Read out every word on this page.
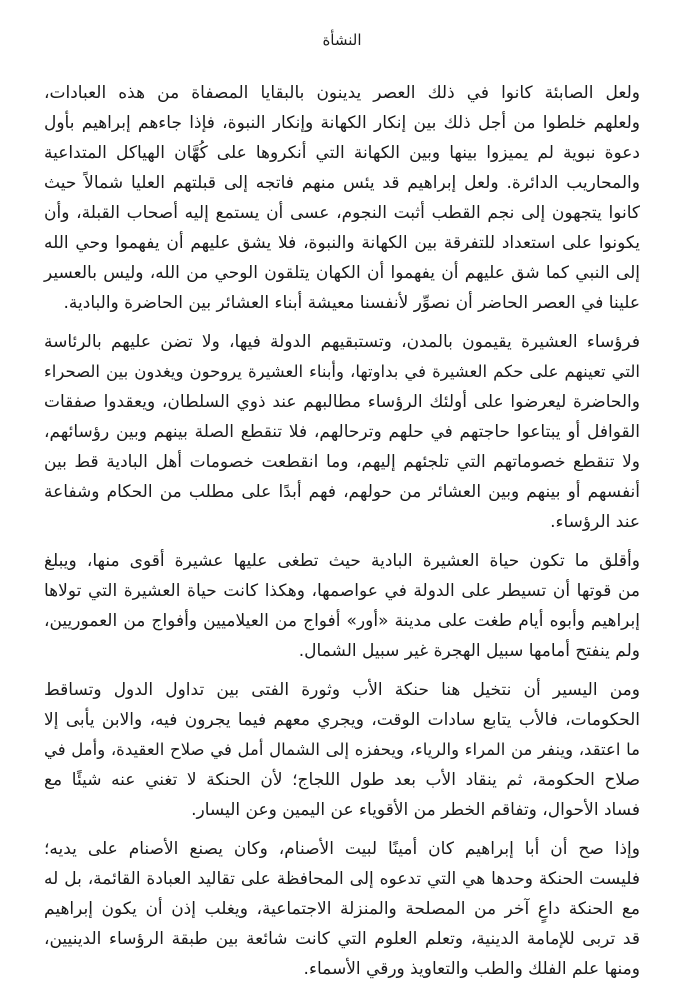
النشأة

ولعل الصابئة كانوا في ذلك العصر يدينون بالبقايا المصفاة من هذه العبادات،
ولعلهم خلطوا من أجل ذلك بين إنكار الكهانة وإنكار النبوة، فإذا جاءهم إبراهيم بأول
دعوة نبوية لم يميزوا بينها وبين الكهانة التي أنكروها على كُهَّان الهياكل المتداعية
والمحاريب الدائرة. ولعل إبراهيم قد يئس منهم فاتجه إلى قبلتهم العليا شمالاً حيث
كانوا يتجهون إلى نجم القطب أثبت النجوم، عسى أن يستمع إليه أصحاب القبلة، وأن
يكونوا على استعداد للتفرقة بين الكهانة والنبوة، فلا يشق عليهم أن يفهموا وحي الله
إلى النبي كما شق عليهم أن يفهموا أن الكهان يتلقون الوحي من الله، وليس بالعسير
علينا في العصر الحاضر أن نصوِّر لأنفسنا معيشة أبناء العشائر بين الحاضرة والبادية.

فرؤساء العشيرة يقيمون بالمدن، وتستبقيهم الدولة فيها، ولا تضن عليهم بالرئاسة
التي تعينهم على حكم العشيرة في بداوتها، وأبناء العشيرة يروحون ويغدون بين الصحراء
والحاضرة ليعرضوا على أولئك الرؤساء مطالبهم عند ذوي السلطان، ويعقدوا صفقات
القوافل أو يبتاعوا حاجتهم في حلهم وترحالهم، فلا تنقطع الصلة بينهم وبين رؤسائهم،
ولا تنقطع خصوماتهم التي تلجئهم إليهم، وما انقطعت خصومات أهل البادية قط بين
أنفسهم أو بينهم وبين العشائر من حولهم، فهم أبدًا على مطلب من الحكام وشفاعة
عند الرؤساء.

وأقلق ما تكون حياة العشيرة البادية حيث تطغى عليها عشيرة أقوى منها، ويبلغ
من قوتها أن تسيطر على الدولة في عواصمها، وهكذا كانت حياة العشيرة التي تولاها
إبراهيم وأبوه أيام طغت على مدينة «أور» أفواج من العيلاميين وأفواج من العموريين،
ولم ينفتح أمامها سبيل الهجرة غير سبيل الشمال.

ومن اليسير أن نتخيل هنا حنكة الأب وثورة الفتى بين تداول الدول وتساقط
الحكومات، فالأب يتابع سادات الوقت، ويجري معهم فيما يجرون فيه، والابن يأبى إلا
ما اعتقد، وينفر من المراء والرياء، ويحفزه إلى الشمال أمل في صلاح العقيدة، وأمل في
صلاح الحكومة، ثم ينقاد الأب بعد طول اللجاج؛ لأن الحنكة لا تغني عنه شيئًا مع
فساد الأحوال، وتفاقم الخطر من الأقوياء عن اليمين وعن اليسار.

وإذا صح أن أبا إبراهيم كان أمينًا لبيت الأصنام، وكان يصنع الأصنام على يديه؛
فليست الحنكة وحدها هي التي تدعوه إلى المحافظة على تقاليد العبادة القائمة، بل له
مع الحنكة داعٍ آخر من المصلحة والمنزلة الاجتماعية، ويغلب إذن أن يكون إبراهيم
قد تربى للإمامة الدينية، وتعلم العلوم التي كانت شائعة بين طبقة الرؤساء الدينيين،
ومنها علم الفلك والطب والتعاويذ ورقي الأسماء.
